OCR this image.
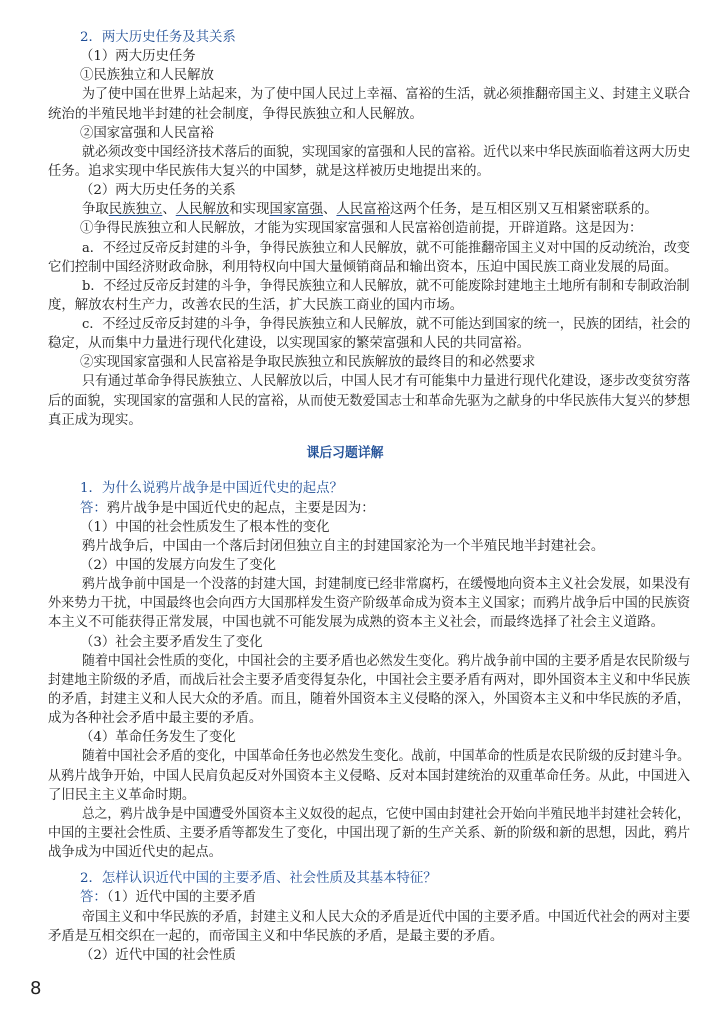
2．两大历史任务及其关系
（1）两大历史任务
①民族独立和人民解放
为了使中国在世界上站起来，为了使中国人民过上幸福、富裕的生活，就必须推翻帝国主义、封建主义联合
统治的半殖民地半封建的社会制度，争得民族独立和人民解放。
②国家富强和人民富裕
就必须改变中国经济技术落后的面貌，实现国家的富强和人民的富裕。近代以来中华民族面临着这两大历史
任务。追求实现中华民族伟大复兴的中国梦，就是这样被历史地提出来的。
（2）两大历史任务的关系
争取民族独立、人民解放和实现国家富强、人民富裕这两个任务，是互相区别又互相紧密联系的。
①争得民族独立和人民解放，才能为实现国家富强和人民富裕创造前提，开辟道路。这是因为：
a．不经过反帝反封建的斗争，争得民族独立和人民解放，就不可能推翻帝国主义对中国的反动统治，改变
它们控制中国经济财政命脉，利用特权向中国大量倾销商品和输出资本，压迫中国民族工商业发展的局面。
b．不经过反帝反封建的斗争，争得民族独立和人民解放，就不可能废除封建地主土地所有制和专制政治制
度，解放农村生产力，改善农民的生活，扩大民族工商业的国内市场。
c．不经过反帝反封建的斗争，争得民族独立和人民解放，就不可能达到国家的统一，民族的团结，社会的
稳定，从而集中力量进行现代化建设，以实现国家的繁荣富强和人民的共同富裕。
②实现国家富强和人民富裕是争取民族独立和民族解放的最终目的和必然要求
只有通过革命争得民族独立、人民解放以后，中国人民才有可能集中力量进行现代化建设，逐步改变贫穷落
后的面貌，实现国家的富强和人民的富裕，从而使无数爱国志士和革命先驱为之献身的中华民族伟大复兴的梦想
真正成为现实。
课后习题详解
1．为什么说鸦片战争是中国近代史的起点？
答：鸦片战争是中国近代史的起点，主要是因为：
（1）中国的社会性质发生了根本性的变化
鸦片战争后，中国由一个落后封闭但独立自主的封建国家沦为一个半殖民地半封建社会。
（2）中国的发展方向发生了变化
鸦片战争前中国是一个没落的封建大国，封建制度已经非常腐朽，在缓慢地向资本主义社会发展，如果没有
外来势力干扰，中国最终也会向西方大国那样发生资产阶级革命成为资本主义国家；而鸦片战争后中国的民族资
本主义不可能获得正常发展，中国也就不可能发展为成熟的资本主义社会，而最终选择了社会主义道路。
（3）社会主要矛盾发生了变化
随着中国社会性质的变化，中国社会的主要矛盾也必然发生变化。鸦片战争前中国的主要矛盾是农民阶级与
封建地主阶级的矛盾，而战后社会主要矛盾变得复杂化，中国社会主要矛盾有两对，即外国资本主义和中华民族
的矛盾，封建主义和人民大众的矛盾。而且，随着外国资本主义侵略的深入，外国资本主义和中华民族的矛盾，
成为各种社会矛盾中最主要的矛盾。
（4）革命任务发生了变化
随着中国社会矛盾的变化，中国革命任务也必然发生变化。战前，中国革命的性质是农民阶级的反封建斗争。
从鸦片战争开始，中国人民肩负起反对外国资本主义侵略、反对本国封建统治的双重革命任务。从此，中国进入
了旧民主主义革命时期。
总之，鸦片战争是中国遭受外国资本主义奴役的起点，它使中国由封建社会开始向半殖民地半封建社会转化，
中国的主要社会性质、主要矛盾等都发生了变化，中国出现了新的生产关系、新的阶级和新的思想，因此，鸦片
战争成为中国近代史的起点。
2．怎样认识近代中国的主要矛盾、社会性质及其基本特征？
答：（1）近代中国的主要矛盾
帝国主义和中华民族的矛盾，封建主义和人民大众的矛盾是近代中国的主要矛盾。中国近代社会的两对主要
矛盾是互相交织在一起的，而帝国主义和中华民族的矛盾，是最主要的矛盾。
（2）近代中国的社会性质
8
